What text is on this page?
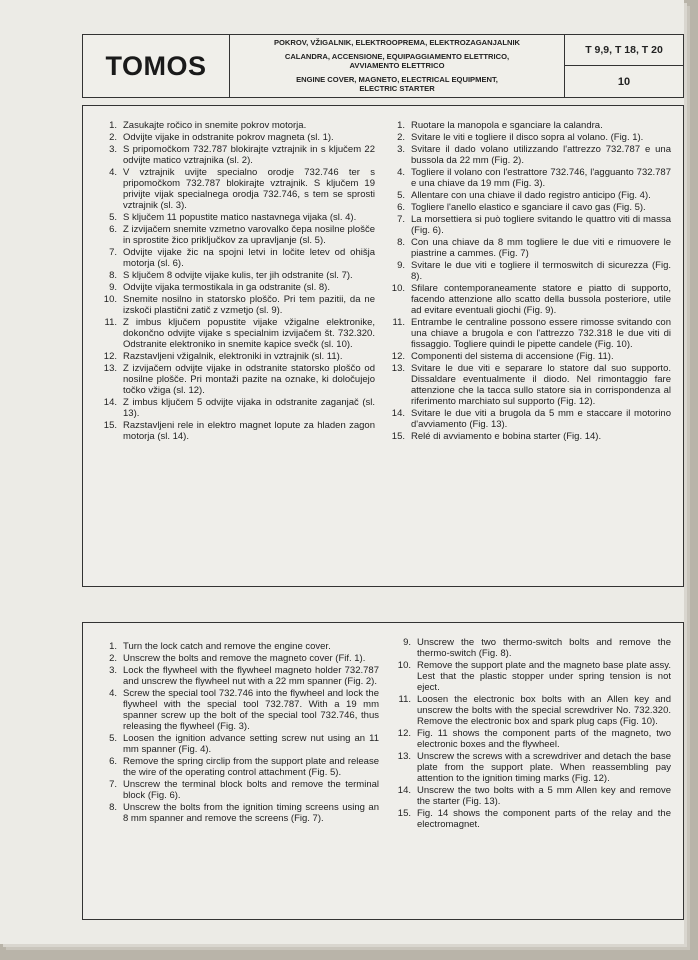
TOMOS
POKROV, VŽIGALNIK, ELEKTROOPREMA, ELEKTROZAGANJALNIK
CALANDRA, ACCENSIONE, EQUIPAGGIAMENTO ELETTRICO,
AVVIAMENTO ELETTRICO
ENGINE COVER, MAGNETO, ELECTRICAL EQUIPMENT,
ELECTRIC STARTER
T 9,9, T 18, T 20
10
1. Zasukajte ročico in snemite pokrov motorja.
2. Odvijte vijake in odstranite pokrov magneta (sl. 1).
3. S pripomočkom 732.787 blokirajte vztrajnik in s ključem 22 odvijte matico vztrajnika (sl. 2).
4. V vztrajnik uvijte specialno orodje 732.746 ter s pripomočkom 732.787 blokirajte vztrajnik. S ključem 19 privijte vijak specialnega orodja 732.746, s tem se sprosti vztrajnik (sl. 3).
5. S ključem 11 popustite matico nastavnega vijaka (sl. 4).
6. Z izvijačem snemite vzmetno varovalko čepa nosilne plošče in sprostite žico priključkov za upravljanje (sl. 5).
7. Odvijte vijake žic na spojni letvi in ločite letev od ohišja motorja (sl. 6).
8. S ključem 8 odvijte vijake kulis, ter jih odstranite (sl. 7).
9. Odvijte vijaka termostikala in ga odstranite (sl. 8).
10. Snemite nosilno in statorsko ploščo. Pri tem pazitii, da ne izskoči plastični zatič z vzmetjo (sl. 9).
11. Z imbus ključem popustite vijake vžigalne elektronike, dokončno odvijte vijake s specialnim izvijačem št. 732.320. Odstranite elektroniko in snemite kapice svečk (sl. 10).
12. Razstavljeni vžigalnik, elektroniki in vztrajnik (sl. 11).
13. Z izvijačem odvijte vijake in odstranite statorsko ploščo od nosilne plošče. Pri montaži pazite na oznake, ki določujejo točko vžiga (sl. 12).
14. Z imbus ključem 5 odvijte vijaka in odstranite zaganjač (sl. 13).
15. Razstavljeni rele in elektro magnet lopute za hladen zagon motorja (sl. 14).
1. Ruotare la manopola e sganciare la calandra.
2. Svitare le viti e togliere il disco sopra al volano. (Fig. 1).
3. Svitare il dado volano utilizzando l'attrezzo 732.787 e una bussola da 22 mm (Fig. 2).
4. Togliere il volano con l'estrattore 732.746, l'agguanto 732.787 e una chiave da 19 mm (Fig. 3).
5. Allentare con una chiave il dado registro anticipo (Fig. 4).
6. Togliere l'anello elastico e sganciare il cavo gas (Fig. 5).
7. La morsettiera si può togliere svitando le quattro viti di massa (Fig. 6).
8. Con una chiave da 8 mm togliere le due viti e rimuovere le piastrine a cammes. (Fig. 7)
9. Svitare le due viti e togliere il termoswitch di sicurezza (Fig. 8).
10. Sfilare contemporaneamente statore e piatto di supporto, facendo attenzione allo scatto della bussola posteriore, utile ad evitare eventuali giochi (Fig. 9).
11. Entrambe le centraline possono essere rimosse svitando con una chiave a brugola e con l'attrezzo 732.318 le due viti di fissaggio. Togliere quindi le pipette candele (Fig. 10).
12. Componenti del sistema di accensione (Fig. 11).
13. Svitare le due viti e separare lo statore dal suo supporto. Dissaldare eventualmente il diodo. Nel rimontaggio fare attenzione che la tacca sullo statore sia in corrispondenza al riferimento marchiato sul supporto (Fig. 12).
14. Svitare le due viti a brugola da 5 mm e staccare il motorino d'avviamento (Fig. 13).
15. Relé di avviamento e bobina starter (Fig. 14).
1. Turn the lock catch and remove the engine cover.
2. Unscrew the bolts and remove the magneto cover (Fif. 1).
3. Lock the flywheel with the flywheel magneto holder 732.787 and unscrew the flywheel nut with a 22 mm spanner (Fig. 2).
4. Screw the special tool 732.746 into the flywheel and lock the flywheel with the special tool 732.787. With a 19 mm spanner screw up the bolt of the special tool 732.746, thus releasing the flywheel (Fig. 3).
5. Loosen the ignition advance setting screw nut using an 11 mm spanner (Fig. 4).
6. Remove the spring circlip from the support plate and release the wire of the operating control attachment (Fig. 5).
7. Unscrew the terminal block bolts and remove the terminal block (Fig. 6).
8. Unscrew the bolts from the ignition timing screens using an 8 mm spanner and remove the screens (Fig. 7).
9. Unscrew the two thermo-switch bolts and remove the thermo-switch (Fig. 8).
10. Remove the support plate and the magneto base plate assy. Lest that the plastic stopper under spring tension is not eject.
11. Loosen the electronic box bolts with an Allen key and unscrew the bolts with the special screwdriver No. 732.320. Remove the electronic box and spark plug caps (Fig. 10).
12. Fig. 11 shows the component parts of the magneto, two electronic boxes and the flywheel.
13. Unscrew the screws with a screwdriver and detach the base plate from the support plate. When reassembling pay attention to the ignition timing marks (Fig. 12).
14. Unscrew the two bolts with a 5 mm Allen key and remove the starter (Fig. 13).
15. Fig. 14 shows the component parts of the relay and the electromagnet.
